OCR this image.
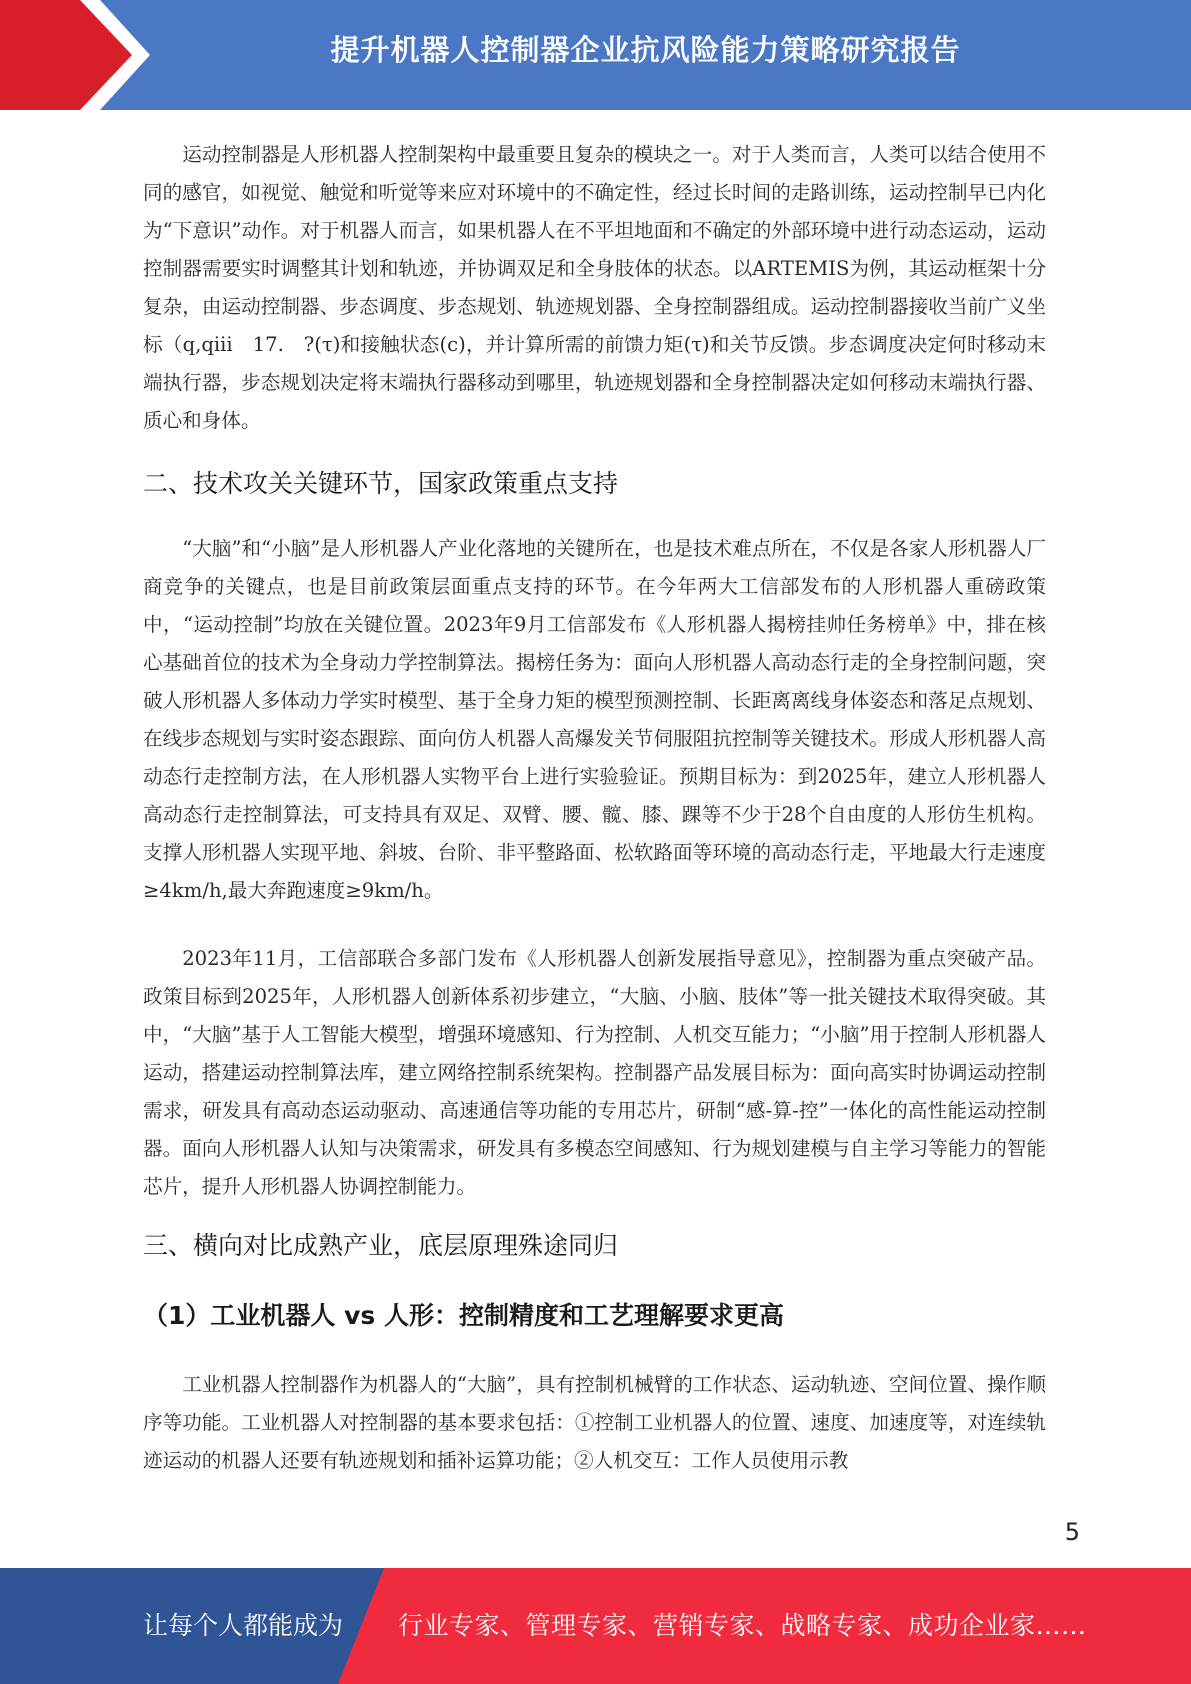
提升机器人控制器企业抗风险能力策略研究报告

运动控制器是人形机器人控制架构中最重要且复杂的模块之一。对于人类而言，人类可以结合使用不同的感官，如视觉、触觉和听觉等来应对环境中的不确定性，经过长时间的走路训练，运动控制早已内化为“下意识”动作。对于机器人而言，如果机器人在不平坦地面和不确定的外部环境中进行动态运动，运动控制器需要实时调整其计划和轨迹，并协调双足和全身肢体的状态。以ARTEMIS为例，其运动框架十分复杂，由运动控制器、步态调度、步态规划、轨迹规划器、全身控制器组成。运动控制器接收当前广义坐标（q,qiii　17.　?(τ)和接触状态(c)，并计算所需的前馈力矩(τ)和关节反馈。步态调度决定何时移动末端执行器，步态规划决定将末端执行器移动到哪里，轨迹规划器和全身控制器决定如何移动末端执行器、质心和身体。

二、技术攻关关键环节，国家政策重点支持

“大脑”和“小脑”是人形机器人产业化落地的关键所在，也是技术难点所在，不仅是各家人形机器人厂商竞争的关键点，也是目前政策层面重点支持的环节。在今年两大工信部发布的人形机器人重磅政策中，“运动控制”均放在关键位置。2023年9月工信部发布《人形机器人揭榜挂帅任务榜单》中，排在核心基础首位的技术为全身动力学控制算法。揭榜任务为：面向人形机器人高动态行走的全身控制问题，突破人形机器人多体动力学实时模型、基于全身力矩的模型预测控制、长距离离线身体姿态和落足点规划、在线步态规划与实时姿态跟踪、面向仿人机器人高爆发关节伺服阻抗控制等关键技术。形成人形机器人高动态行走控制方法，在人形机器人实物平台上进行实验验证。预期目标为：到2025年，建立人形机器人高动态行走控制算法，可支持具有双足、双臂、腰、髋、膝、踝等不少于28个自由度的人形仿生机构。支撑人形机器人实现平地、斜坡、台阶、非平整路面、松软路面等环境的高动态行走，平地最大行走速度≥4km/h,最大奔跑速度≥9km/h。

2023年11月，工信部联合多部门发布《人形机器人创新发展指导意见》，控制器为重点突破产品。政策目标到2025年，人形机器人创新体系初步建立，“大脑、小脑、肢体”等一批关键技术取得突破。其中，“大脑”基于人工智能大模型，增强环境感知、行为控制、人机交互能力；“小脑”用于控制人形机器人运动，搭建运动控制算法库，建立网络控制系统架构。控制器产品发展目标为：面向高实时协调运动控制需求，研发具有高动态运动驱动、高速通信等功能的专用芯片，研制“感-算-控”一体化的高性能运动控制器。面向人形机器人认知与决策需求，研发具有多模态空间感知、行为规划建模与自主学习等能力的智能芯片，提升人形机器人协调控制能力。

三、横向对比成熟产业，底层原理殊途同归
（1）工业机器人 vs 人形：控制精度和工艺理解要求更高

工业机器人控制器作为机器人的“大脑”，具有控制机械臂的工作状态、运动轨迹、空间位置、操作顺序等功能。工业机器人对控制器的基本要求包括：①控制工业机器人的位置、速度、加速度等，对连续轨迹运动的机器人还要有轨迹规划和插补运算功能；②人机交互：工作人员使用示教

5
让每个人都能成为 行业专家、管理专家、营销专家、战略专家、成功企业家……
